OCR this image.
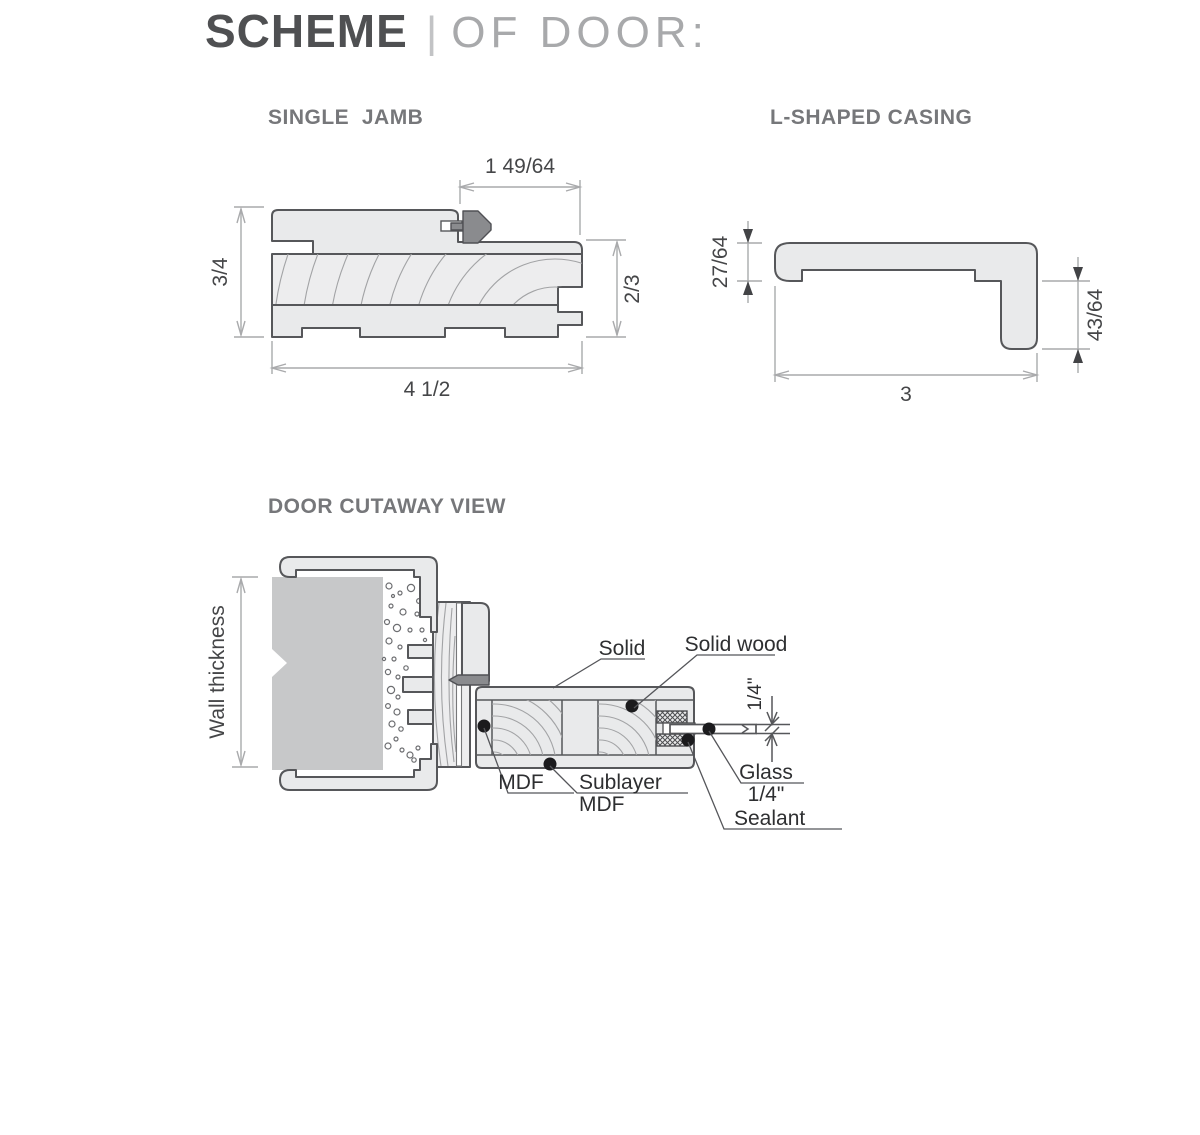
SCHEME | OF DOOR:
SINGLE  JAMB	L-SHAPED CASING
DOOR CUTAWAY VIEW
1 49/64
3/4
2/3
4 1/2
27/64
43/64
3
1/4"
Solid Solid wood
MDF Sublayer
MDF
Glass
1/4"
Sealant
Wall thickness
